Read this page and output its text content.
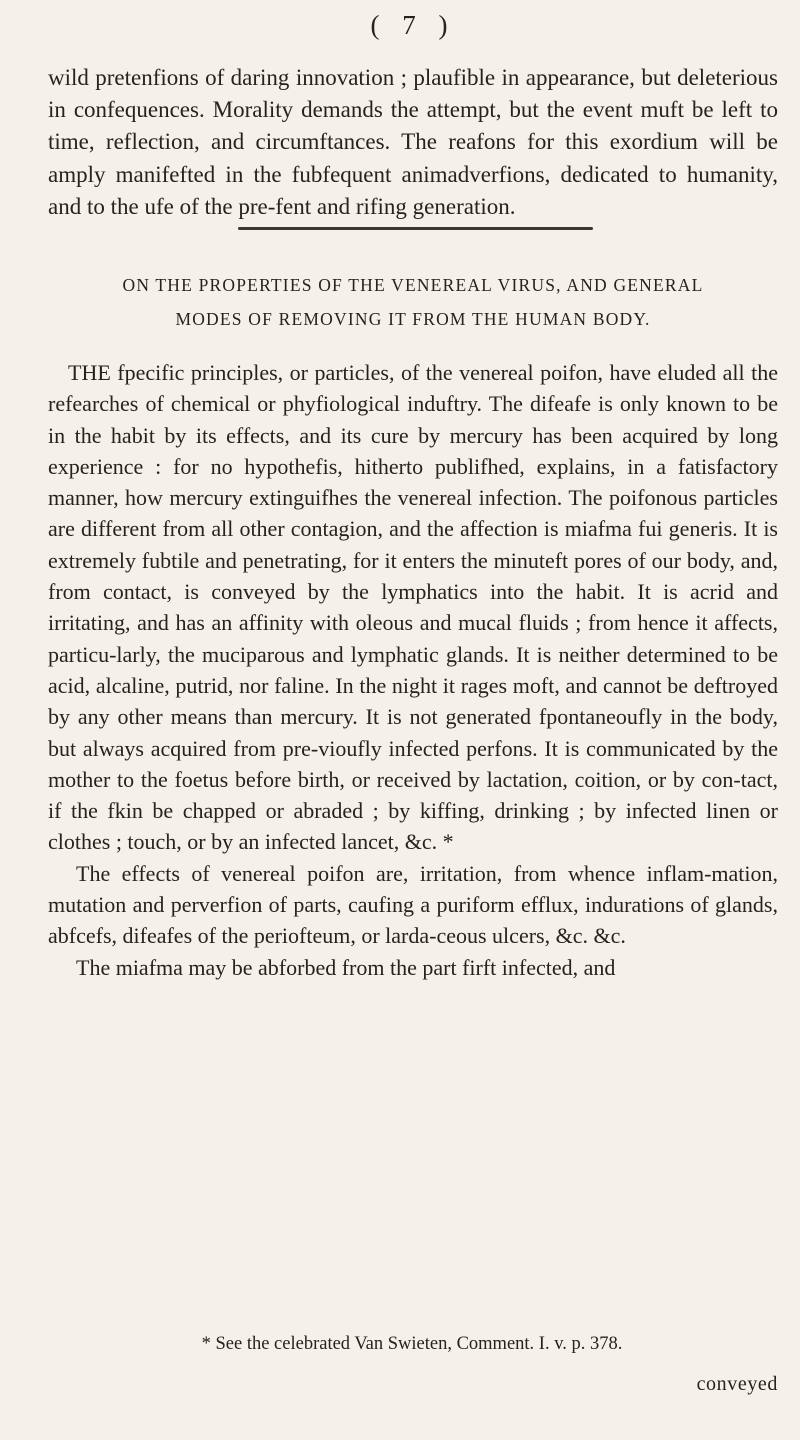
( 7 )
wild pretenfions of daring innovation ; plaufible in appearance, but deleterious in confequences. Morality demands the attempt, but the event muft be left to time, reflection, and circumftances. The reafons for this exordium will be amply manifefted in the fubfequent animadverfions, dedicated to humanity, and to the ufe of the pre-fent and rifing generation.
ON THE PROPERTIES OF THE VENEREAL VIRUS, AND GENERAL
MODES OF REMOVING IT FROM THE HUMAN BODY.

THE fpecific principles, or particles, of the venereal poifon, have eluded all the refearches of chemical or phyfiological induftry. The difeafe is only known to be in the habit by its effects, and its cure by mercury has been acquired by long experience : for no hypothefis, hitherto publifhed, explains, in a fatisfactory manner, how mercury extinguifhes the venereal infection. The poifonous particles are different from all other contagion, and the affection is miafma fui generis. It is extremely fubtile and penetrating, for it enters the minuteft pores of our body, and, from contact, is conveyed by the lymphatics into the habit. It is acrid and irritating, and has an affinity with oleous and mucal fluids ; from hence it affects, particu-larly, the muciparous and lymphatic glands. It is neither determined to be acid, alcaline, putrid, nor faline. In the night it rages moft, and cannot be deftroyed by any other means than mercury. It is not generated fpontaneoufly in the body, but always acquired from pre-vioufly infected perfons. It is communicated by the mother to the foetus before birth, or received by lactation, coition, or by con-tact, if the fkin be chapped or abraded ; by kiffing, drinking ; by infected linen or clothes ; touch, or by an infected lancet, &c. *

The effects of venereal poifon are, irritation, from whence inflam-mation, mutation and perverfion of parts, caufing a puriform efflux, indurations of glands, abfcefs, difeafes of the periofteum, or larda-ceous ulcers, &c. &c.

The miafma may be abforbed from the part firft infected, and

* See the celebrated Van Swieten, Comment. I. v. p. 378.
conveyed
